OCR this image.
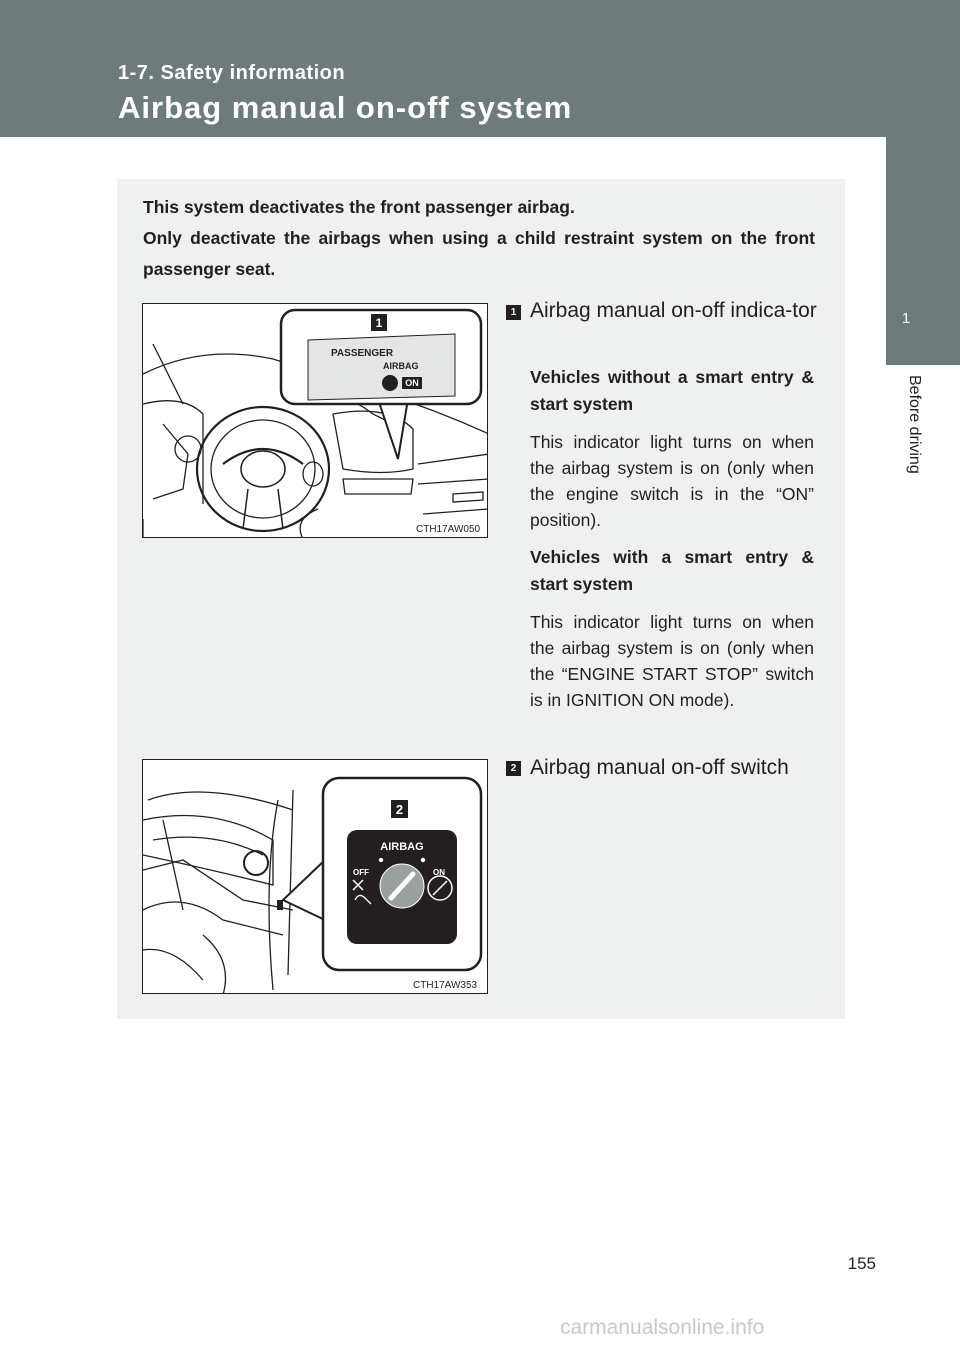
1-7. Safety information
Airbag manual on-off system
1
Before driving

This system deactivates the front passenger airbag.

Only deactivate the airbags when using a child restraint system on the front passenger seat.

1
PASSENGER
AIRBAG
ON
CTH17AW050
2
AIRBAG
OFF	ON
CTH17AW353
1 Airbag manual on-off indica-tor
Vehicles without a smart entry & start system
This indicator light turns on when the airbag system is on (only when the engine switch is in the “ON” position).
Vehicles with a smart entry & start system
This indicator light turns on when the airbag system is on (only when the “ENGINE START STOP” switch is in IGNITION ON mode).
2 Airbag manual on-off switch
155
carmanualsonline.info
